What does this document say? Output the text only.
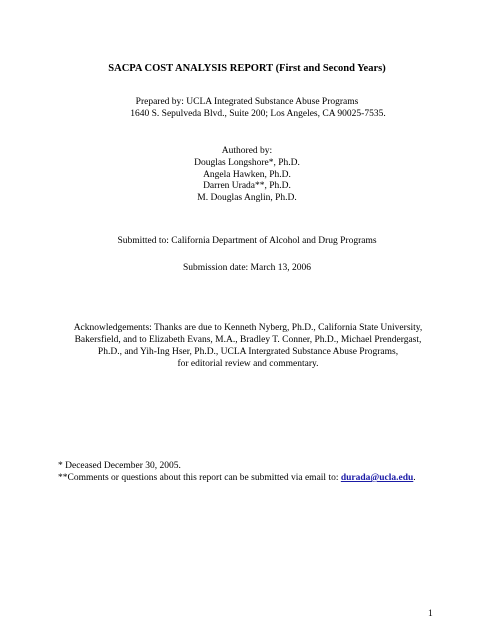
SACPA COST ANALYSIS REPORT (First and Second Years)
Prepared by: UCLA Integrated Substance Abuse Programs
1640 S. Sepulveda Blvd., Suite 200; Los Angeles, CA 90025-7535.
Authored by:
Douglas Longshore*, Ph.D.
Angela Hawken, Ph.D.
Darren Urada**, Ph.D.
M. Douglas Anglin, Ph.D.
Submitted to: California Department of Alcohol and Drug Programs
Submission date: March 13, 2006
Acknowledgements: Thanks are due to Kenneth Nyberg, Ph.D., California State University,
Bakersfield, and to Elizabeth Evans, M.A., Bradley T. Conner, Ph.D., Michael Prendergast,
Ph.D., and Yih-Ing Hser, Ph.D., UCLA Intergrated Substance Abuse Programs,
for editorial review and commentary.
* Deceased December 30, 2005.
**Comments or questions about this report can be submitted via email to: durada@ucla.edu.
1
